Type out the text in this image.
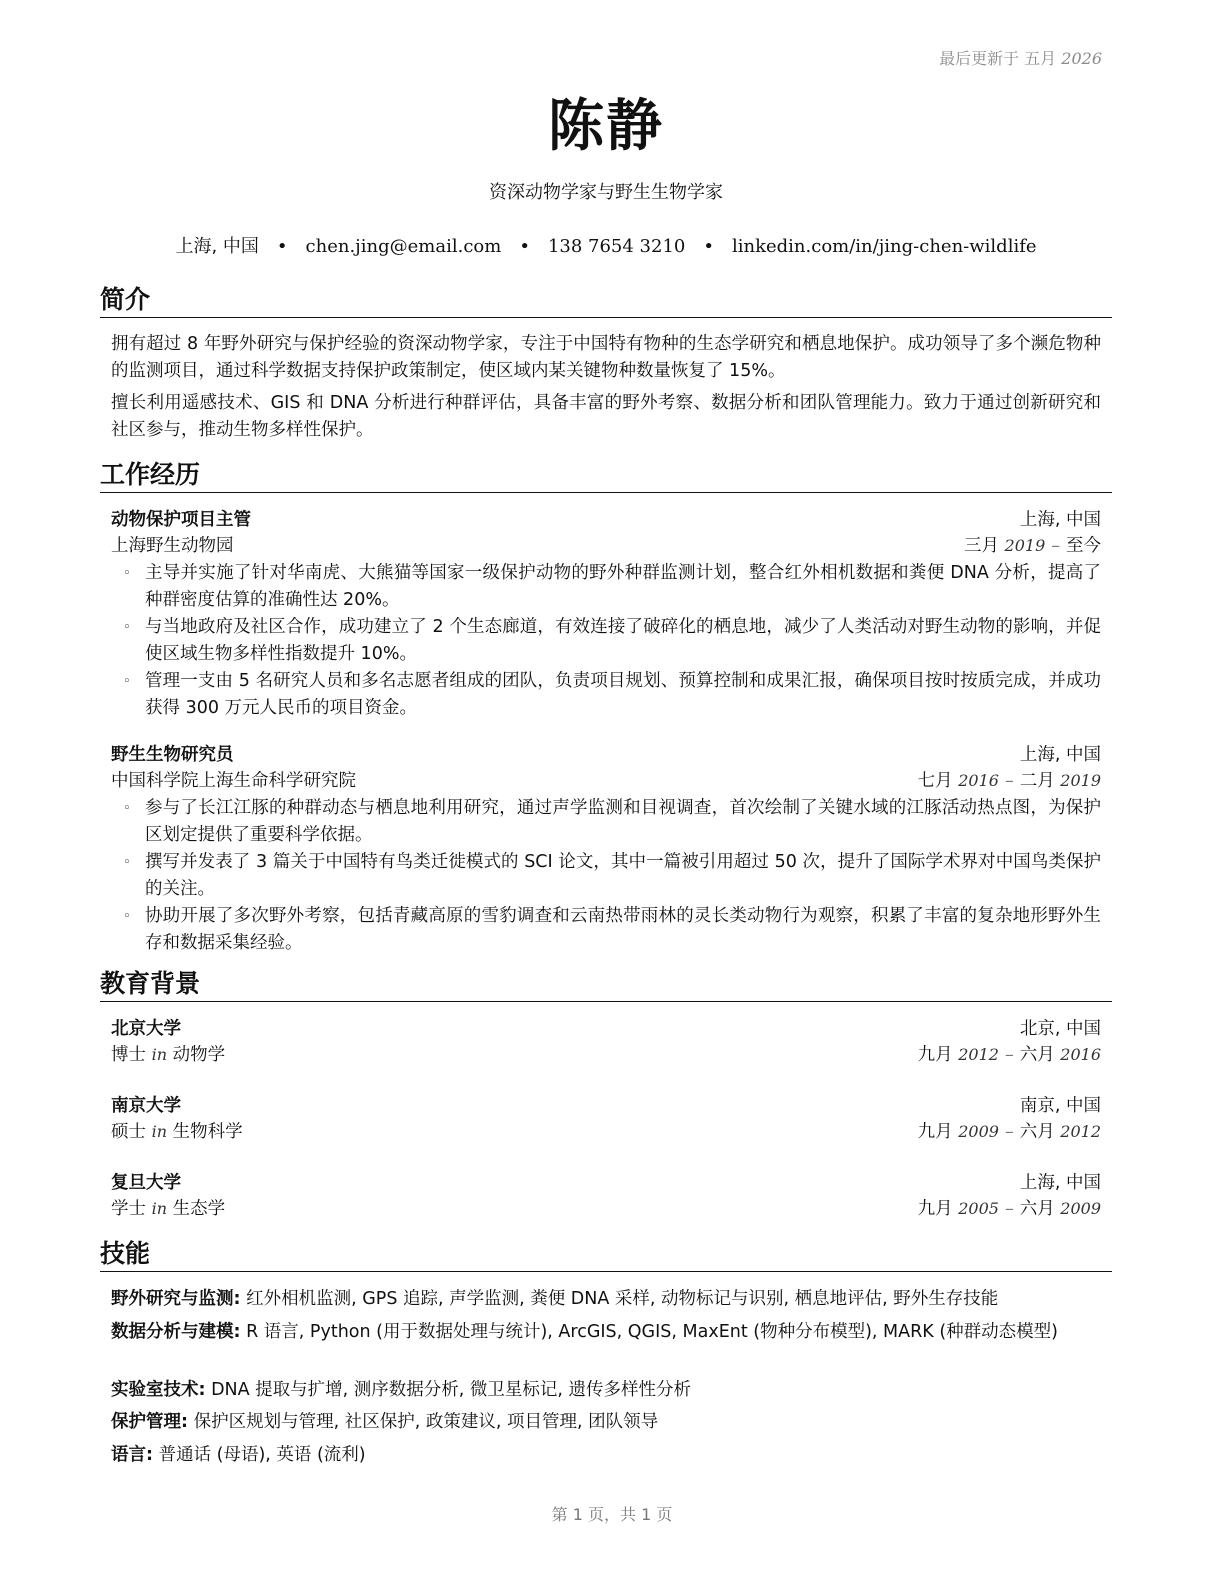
最后更新于 五月 2026
陈静
资深动物学家与野生生物学家
上海, 中国 • chen.jing@email.com • 138 7654 3210 • linkedin.com/in/jing-chen-wildlife
简介
拥有超过 8 年野外研究与保护经验的资深动物学家，专注于中国特有物种的生态学研究和栖息地保护。成功领导了多个濒危物种的监测项目，通过科学数据支持保护政策制定，使区域内某关键物种数量恢复了 15%。
擅长利用遥感技术、GIS 和 DNA 分析进行种群评估，具备丰富的野外考察、数据分析和团队管理能力。致力于通过创新研究和社区参与，推动生物多样性保护。
工作经历
动物保护项目主管	上海, 中国
上海野生动物园	三月 2019 – 至今
◦ 主导并实施了针对华南虎、大熊猫等国家一级保护动物的野外种群监测计划，整合红外相机数据和粪便 DNA 分析，提高了种群密度估算的准确性达 20%。
◦ 与当地政府及社区合作，成功建立了 2 个生态廊道，有效连接了破碎化的栖息地，减少了人类活动对野生动物的影响，并促使区域生物多样性指数提升 10%。
◦ 管理一支由 5 名研究人员和多名志愿者组成的团队，负责项目规划、预算控制和成果汇报，确保项目按时按质完成，并成功获得 300 万元人民币的项目资金。
野生生物研究员	上海, 中国
中国科学院上海生命科学研究院	七月 2016 – 二月 2019
◦ 参与了长江江豚的种群动态与栖息地利用研究，通过声学监测和目视调查，首次绘制了关键水域的江豚活动热点图，为保护区划定提供了重要科学依据。
◦ 撰写并发表了 3 篇关于中国特有鸟类迁徙模式的 SCI 论文，其中一篇被引用超过 50 次，提升了国际学术界对中国鸟类保护的关注。
◦ 协助开展了多次野外考察，包括青藏高原的雪豹调查和云南热带雨林的灵长类动物行为观察，积累了丰富的复杂地形野外生存和数据采集经验。
教育背景
北京大学	北京, 中国
博士 in 动物学	九月 2012 – 六月 2016
南京大学	南京, 中国
硕士 in 生物科学	九月 2009 – 六月 2012
复旦大学	上海, 中国
学士 in 生态学	九月 2005 – 六月 2009
技能
野外研究与监测: 红外相机监测, GPS 追踪, 声学监测, 粪便 DNA 采样, 动物标记与识别, 栖息地评估, 野外生存技能
数据分析与建模: R 语言, Python (用于数据处理与统计), ArcGIS, QGIS, MaxEnt (物种分布模型), MARK (种群动态模型)
实验室技术: DNA 提取与扩增, 测序数据分析, 微卫星标记, 遗传多样性分析
保护管理: 保护区规划与管理, 社区保护, 政策建议, 项目管理, 团队领导
语言: 普通话 (母语), 英语 (流利)
第 1 页，共 1 页
